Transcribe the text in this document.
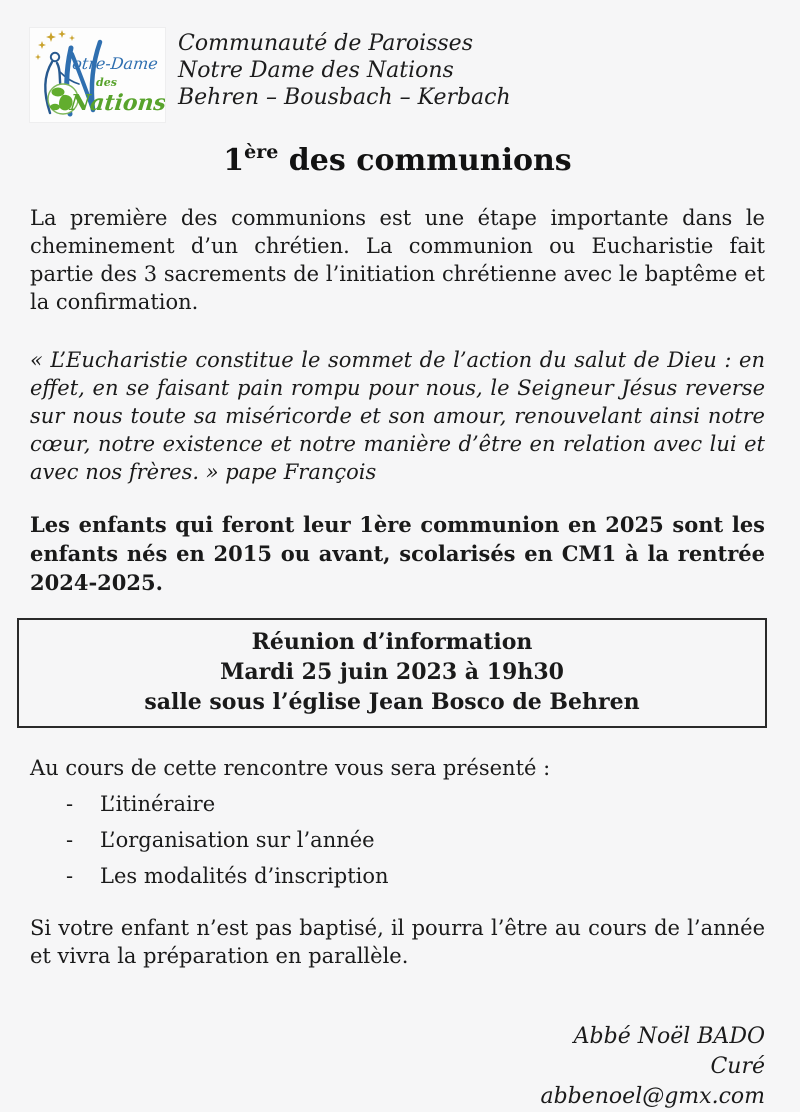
otre-Dame
des
Nations
Communauté de Paroisses
Notre Dame des Nations
Behren – Bousbach – Kerbach
1ère des communions

La première des communions est une étape importante dans le cheminement d’un chrétien. La communion ou Eucharistie fait partie des 3 sacrements de l’initiation chrétienne avec le baptême et la confirmation.

« L’Eucharistie constitue le sommet de l’action du salut de Dieu : en effet, en se faisant pain rompu pour nous, le Seigneur Jésus reverse sur nous toute sa miséricorde et son amour, renouvelant ainsi notre cœur, notre existence et notre manière d’être en relation avec lui et avec nos frères. » pape François

Les enfants qui feront leur 1ère communion en 2025 sont les enfants nés en 2015 ou avant, scolarisés en CM1 à la rentrée 2024-2025.

Réunion d’information
Mardi 25 juin 2023 à 19h30
salle sous l’église Jean Bosco de Behren

Au cours de cette rencontre vous sera présenté :

- L’itinéraire
- L’organisation sur l’année
- Les modalités d’inscription

Si votre enfant n’est pas baptisé, il pourra l’être au cours de l’année et vivra la préparation en parallèle.

Abbé Noël BADO
Curé
abbenoel@gmx.com
